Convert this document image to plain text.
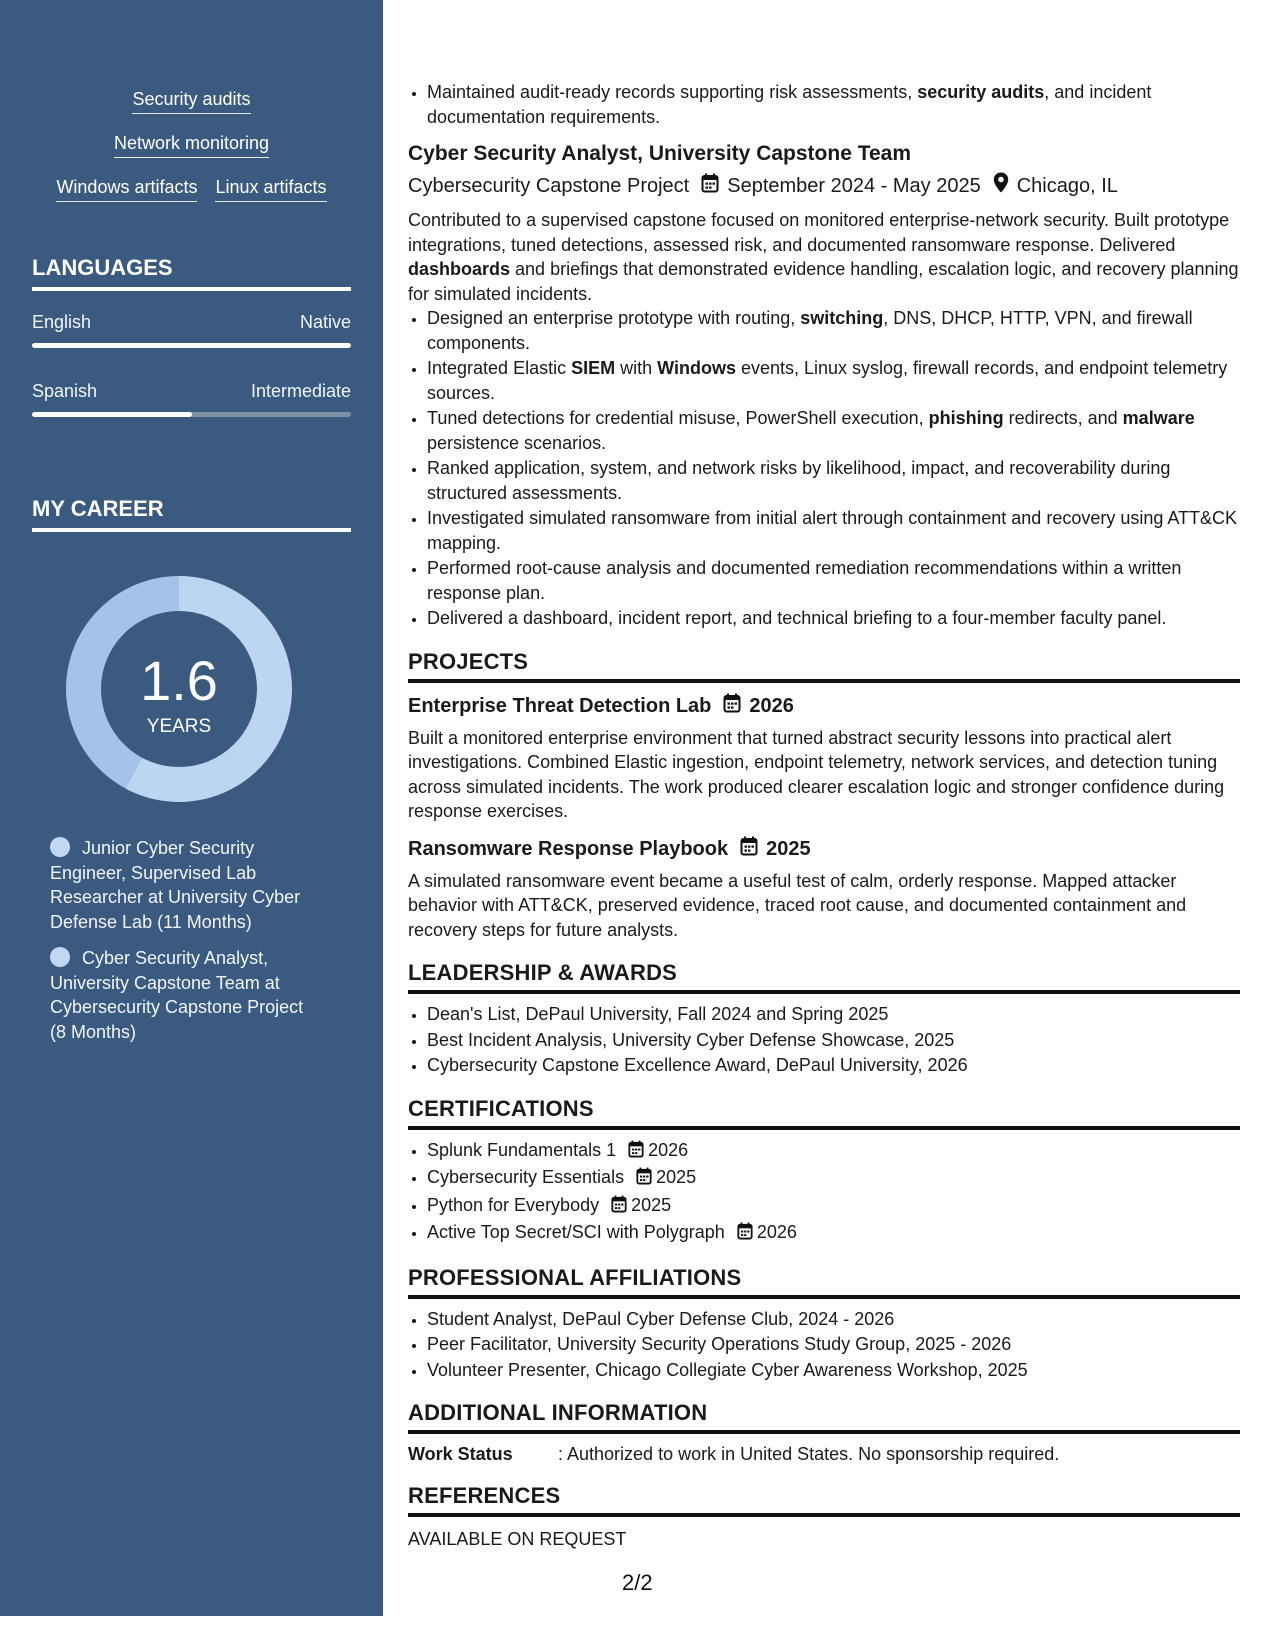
Security audits
Network monitoring
Windows artifacts Linux artifacts
LANGUAGES
English	Native
Spanish	Intermediate
MY CAREER
1.6
YEARS
Junior Cyber Security Engineer, Supervised Lab Researcher at University Cyber Defense Lab (11 Months)
Cyber Security Analyst, University Capstone Team at Cybersecurity Capstone Project (8 Months)
• Maintained audit-ready records supporting risk assessments, security audits, and incident documentation requirements.
Cyber Security Analyst, University Capstone Team
Cybersecurity Capstone Project September 2024 - May 2025 Chicago, IL
Contributed to a supervised capstone focused on monitored enterprise-network security. Built prototype integrations, tuned detections, assessed risk, and documented ransomware response. Delivered dashboards and briefings that demonstrated evidence handling, escalation logic, and recovery planning for simulated incidents.
• Designed an enterprise prototype with routing, switching, DNS, DHCP, HTTP, VPN, and firewall components.
• Integrated Elastic SIEM with Windows events, Linux syslog, firewall records, and endpoint telemetry sources.
• Tuned detections for credential misuse, PowerShell execution, phishing redirects, and malware persistence scenarios.
• Ranked application, system, and network risks by likelihood, impact, and recoverability during structured assessments.
• Investigated simulated ransomware from initial alert through containment and recovery using ATT&CK mapping.
• Performed root-cause analysis and documented remediation recommendations within a written response plan.
• Delivered a dashboard, incident report, and technical briefing to a four-member faculty panel.
PROJECTS
Enterprise Threat Detection Lab 2026
Built a monitored enterprise environment that turned abstract security lessons into practical alert investigations. Combined Elastic ingestion, endpoint telemetry, network services, and detection tuning across simulated incidents. The work produced clearer escalation logic and stronger confidence during response exercises.
Ransomware Response Playbook 2025
A simulated ransomware event became a useful test of calm, orderly response. Mapped attacker behavior with ATT&CK, preserved evidence, traced root cause, and documented containment and recovery steps for future analysts.
LEADERSHIP & AWARDS
• Dean's List, DePaul University, Fall 2024 and Spring 2025
• Best Incident Analysis, University Cyber Defense Showcase, 2025
• Cybersecurity Capstone Excellence Award, DePaul University, 2026
CERTIFICATIONS
• Splunk Fundamentals 1 2026
• Cybersecurity Essentials 2025
• Python for Everybody 2025
• Active Top Secret/SCI with Polygraph 2026
PROFESSIONAL AFFILIATIONS
• Student Analyst, DePaul Cyber Defense Club, 2024 - 2026
• Peer Facilitator, University Security Operations Study Group, 2025 - 2026
• Volunteer Presenter, Chicago Collegiate Cyber Awareness Workshop, 2025
ADDITIONAL INFORMATION
Work Status	: Authorized to work in United States. No sponsorship required.
REFERENCES
AVAILABLE ON REQUEST
2/2
